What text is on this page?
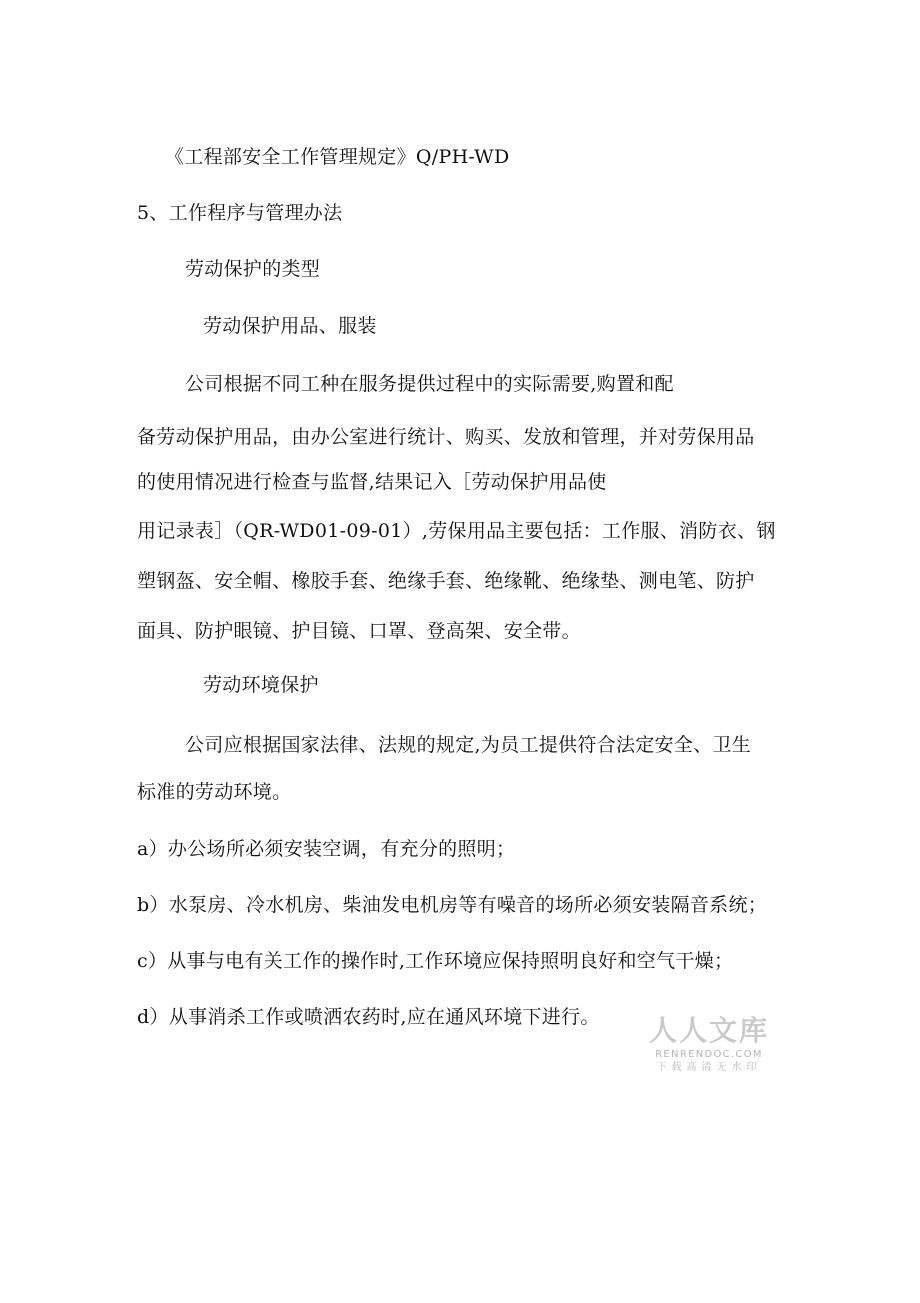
《工程部安全工作管理规定》Q/PH-WD
5、工作程序与管理办法
劳动保护的类型
劳动保护用品、服装
公司根据不同工种在服务提供过程中的实际需要,购置和配
备劳动保护用品，由办公室进行统计、购买、发放和管理，并对劳保用品
的使用情况进行检查与监督,结果记入［劳动保护用品使
用记录表］（QR-WD01-09-01）,劳保用品主要包括：工作服、消防衣、钢
塑钢盔、安全帽、橡胶手套、绝缘手套、绝缘靴、绝缘垫、测电笔、防护
面具、防护眼镜、护目镜、口罩、登高架、安全带。
劳动环境保护
公司应根据国家法律、法规的规定,为员工提供符合法定安全、卫生
标准的劳动环境。
a）办公场所必须安装空调，有充分的照明；
b）水泵房、冷水机房、柴油发电机房等有噪音的场所必须安装隔音系统；
c）从事与电有关工作的操作时,工作环境应保持照明良好和空气干燥；
d）从事消杀工作或喷洒农药时,应在通风环境下进行。 人人文库
RENRENDOC.COM
下载高清无水印
